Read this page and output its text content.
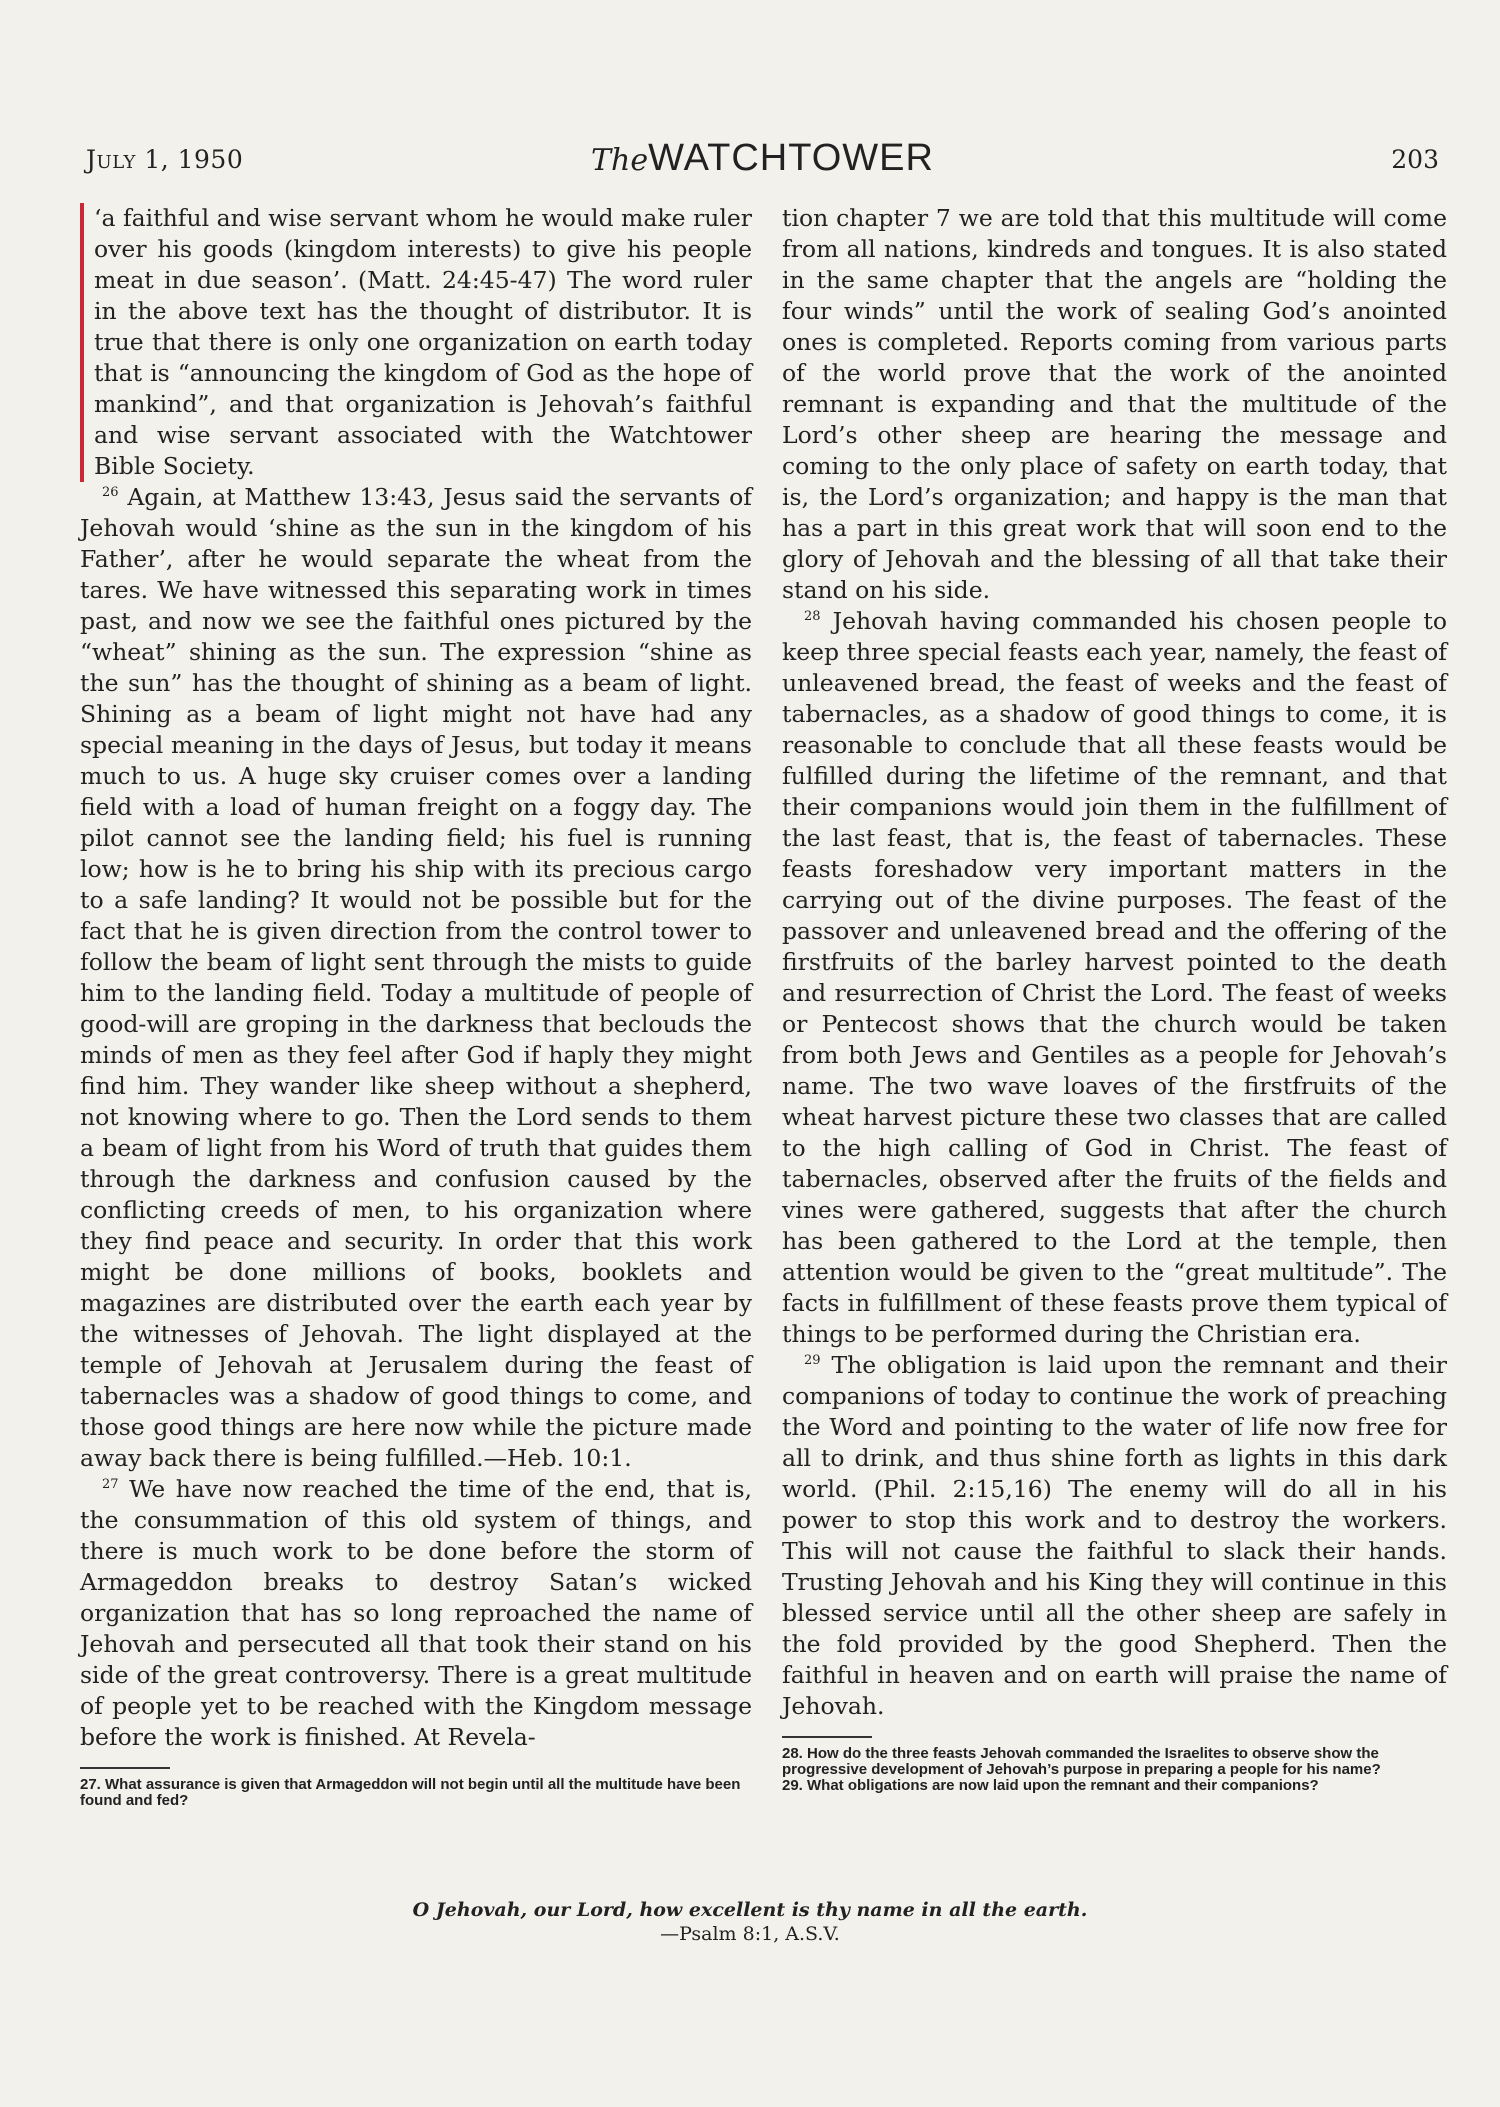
July 1, 1950	TheWATCHTOWER	203

‘a faithful and wise servant whom he would make ruler over his goods (kingdom interests) to give his people meat in due season’. (Matt. 24:45-47) The word ruler in the above text has the thought of distributor. It is true that there is only one organization on earth today that is “announcing the kingdom of God as the hope of mankind”, and that organization is Jehovah’s faithful and wise servant associated with the Watchtower Bible Society.

$^{26}$ Again, at Matthew 13:43, Jesus said the servants of Jehovah would ‘shine as the sun in the kingdom of his Father’, after he would separate the wheat from the tares. We have witnessed this separating work in times past, and now we see the faithful ones pictured by the “wheat” shining as the sun. The expression “shine as the sun” has the thought of shining as a beam of light. Shining as a beam of light might not have had any special meaning in the days of Jesus, but today it means much to us. A huge sky cruiser comes over a landing field with a load of human freight on a foggy day. The pilot cannot see the landing field; his fuel is running low; how is he to bring his ship with its precious cargo to a safe landing? It would not be possible but for the fact that he is given direction from the control tower to follow the beam of light sent through the mists to guide him to the landing field. Today a multitude of people of good-will are groping in the darkness that beclouds the minds of men as they feel after God if haply they might find him. They wander like sheep without a shepherd, not knowing where to go. Then the Lord sends to them a beam of light from his Word of truth that guides them through the darkness and confusion caused by the conflicting creeds of men, to his organization where they find peace and security. In order that this work might be done millions of books, booklets and magazines are distributed over the earth each year by the witnesses of Jehovah. The light displayed at the temple of Jehovah at Jerusalem during the feast of tabernacles was a shadow of good things to come, and those good things are here now while the picture made away back there is being fulfilled.—Heb. 10:1.

$^{27}$ We have now reached the time of the end, that is, the consummation of this old system of things, and there is much work to be done before the storm of Armageddon breaks to destroy Satan’s wicked organization that has so long reproached the name of Jehovah and persecuted all that took their stand on his side of the great controversy. There is a great multitude of people yet to be reached with the Kingdom message before the work is finished. At Revela-

27. What assurance is given that Armageddon will not begin until all the multitude have been found and fed?

tion chapter 7 we are told that this multitude will come from all nations, kindreds and tongues. It is also stated in the same chapter that the angels are “holding the four winds” until the work of sealing God’s anointed ones is completed. Reports coming from various parts of the world prove that the work of the anointed remnant is expanding and that the multitude of the Lord’s other sheep are hearing the message and coming to the only place of safety on earth today, that is, the Lord’s organization; and happy is the man that has a part in this great work that will soon end to the glory of Jehovah and the blessing of all that take their stand on his side.

$^{28}$ Jehovah having commanded his chosen people to keep three special feasts each year, namely, the feast of unleavened bread, the feast of weeks and the feast of tabernacles, as a shadow of good things to come, it is reasonable to conclude that all these feasts would be fulfilled during the lifetime of the remnant, and that their companions would join them in the fulfillment of the last feast, that is, the feast of tabernacles. These feasts foreshadow very important matters in the carrying out of the divine purposes. The feast of the passover and unleavened bread and the offering of the firstfruits of the barley harvest pointed to the death and resurrection of Christ the Lord. The feast of weeks or Pentecost shows that the church would be taken from both Jews and Gentiles as a people for Jehovah’s name. The two wave loaves of the firstfruits of the wheat harvest picture these two classes that are called to the high calling of God in Christ. The feast of tabernacles, observed after the fruits of the fields and vines were gathered, suggests that after the church has been gathered to the Lord at the temple, then attention would be given to the “great multitude”. The facts in fulfillment of these feasts prove them typical of things to be performed during the Christian era.

$^{29}$ The obligation is laid upon the remnant and their companions of today to continue the work of preaching the Word and pointing to the water of life now free for all to drink, and thus shine forth as lights in this dark world. (Phil. 2:15,16) The enemy will do all in his power to stop this work and to destroy the workers. This will not cause the faithful to slack their hands. Trusting Jehovah and his King they will continue in this blessed service until all the other sheep are safely in the fold provided by the good Shepherd. Then the faithful in heaven and on earth will praise the name of Jehovah.

28. How do the three feasts Jehovah commanded the Israelites to observe show the progressive development of Jehovah’s purpose in preparing a people for his name?

29. What obligations are now laid upon the remnant and their companions?

O Jehovah, our Lord, how excellent is thy name in all the earth.
—Psalm 8:1, A.S.V.
